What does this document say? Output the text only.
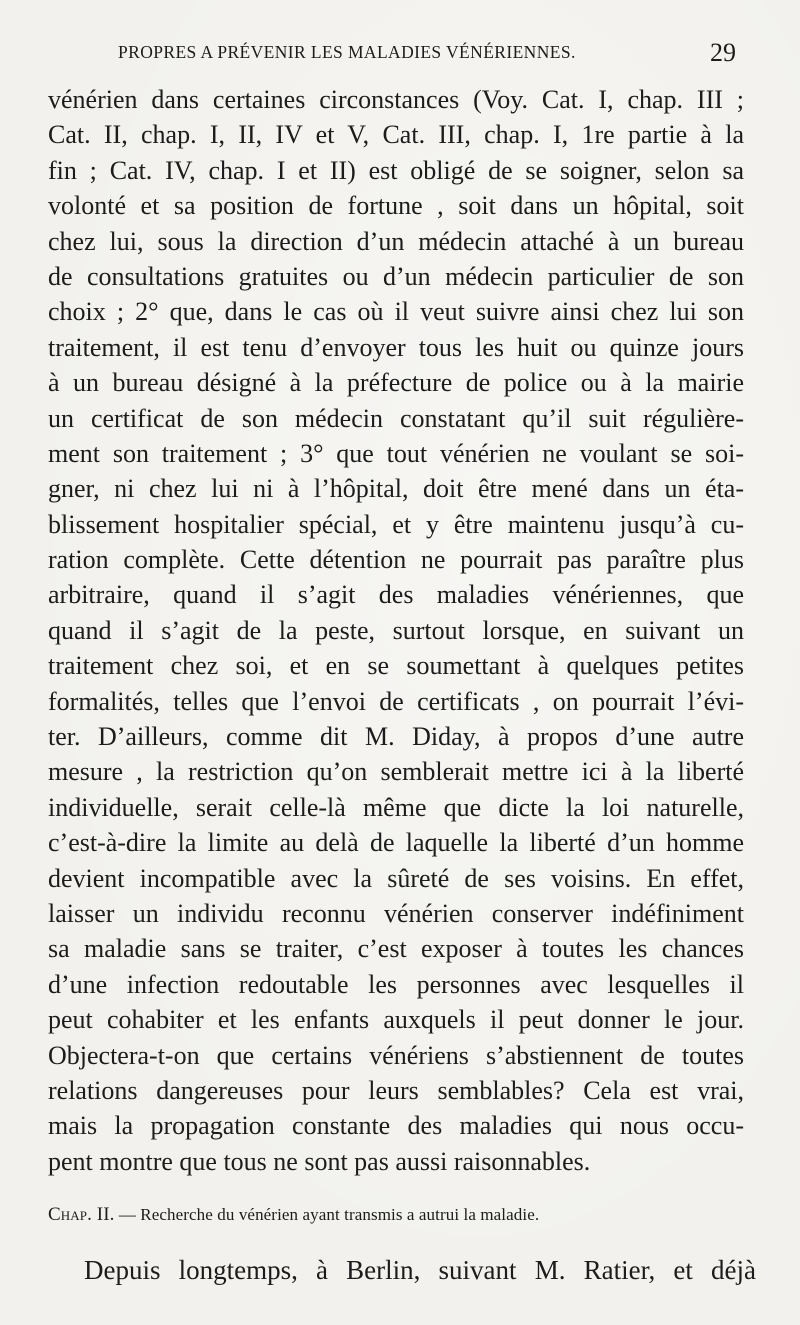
PROPRES A PRÉVENIR LES MALADIES VÉNÉRIENNES.	29
vénérien dans certaines circonstances (Voy. Cat. I, chap. III ;
Cat. II, chap. I, II, IV et V, Cat. III, chap. I, 1re partie à la
fin ; Cat. IV, chap. I et II) est obligé de se soigner, selon sa
volonté et sa position de fortune , soit dans un hôpital, soit
chez lui, sous la direction d’un médecin attaché à un bureau
de consultations gratuites ou d’un médecin particulier de son
choix ; 2° que, dans le cas où il veut suivre ainsi chez lui son
traitement, il est tenu d’envoyer tous les huit ou quinze jours
à un bureau désigné à la préfecture de police ou à la mairie
un certificat de son médecin constatant qu’il suit régulière-
ment son traitement ; 3° que tout vénérien ne voulant se soi-
gner, ni chez lui ni à l’hôpital, doit être mené dans un éta-
blissement hospitalier spécial, et y être maintenu jusqu’à cu-
ration complète. Cette détention ne pourrait pas paraître plus
arbitraire, quand il s’agit des maladies vénériennes, que
quand il s’agit de la peste, surtout lorsque, en suivant un
traitement chez soi, et en se soumettant à quelques petites
formalités, telles que l’envoi de certificats , on pourrait l’évi-
ter. D’ailleurs, comme dit M. Diday, à propos d’une autre
mesure , la restriction qu’on semblerait mettre ici à la liberté
individuelle, serait celle-là même que dicte la loi naturelle,
c’est-à-dire la limite au delà de laquelle la liberté d’un homme
devient incompatible avec la sûreté de ses voisins. En effet,
laisser un individu reconnu vénérien conserver indéfiniment
sa maladie sans se traiter, c’est exposer à toutes les chances
d’une infection redoutable les personnes avec lesquelles il
peut cohabiter et les enfants auxquels il peut donner le jour.
Objectera-t-on que certains vénériens s’abstiennent de toutes
relations dangereuses pour leurs semblables? Cela est vrai,
mais la propagation constante des maladies qui nous occu-
pent montre que tous ne sont pas aussi raisonnables.
Chap. II. — Recherche du vénérien ayant transmis a autrui la maladie.
Depuis longtemps, à Berlin, suivant M. Ratier, et déjà
